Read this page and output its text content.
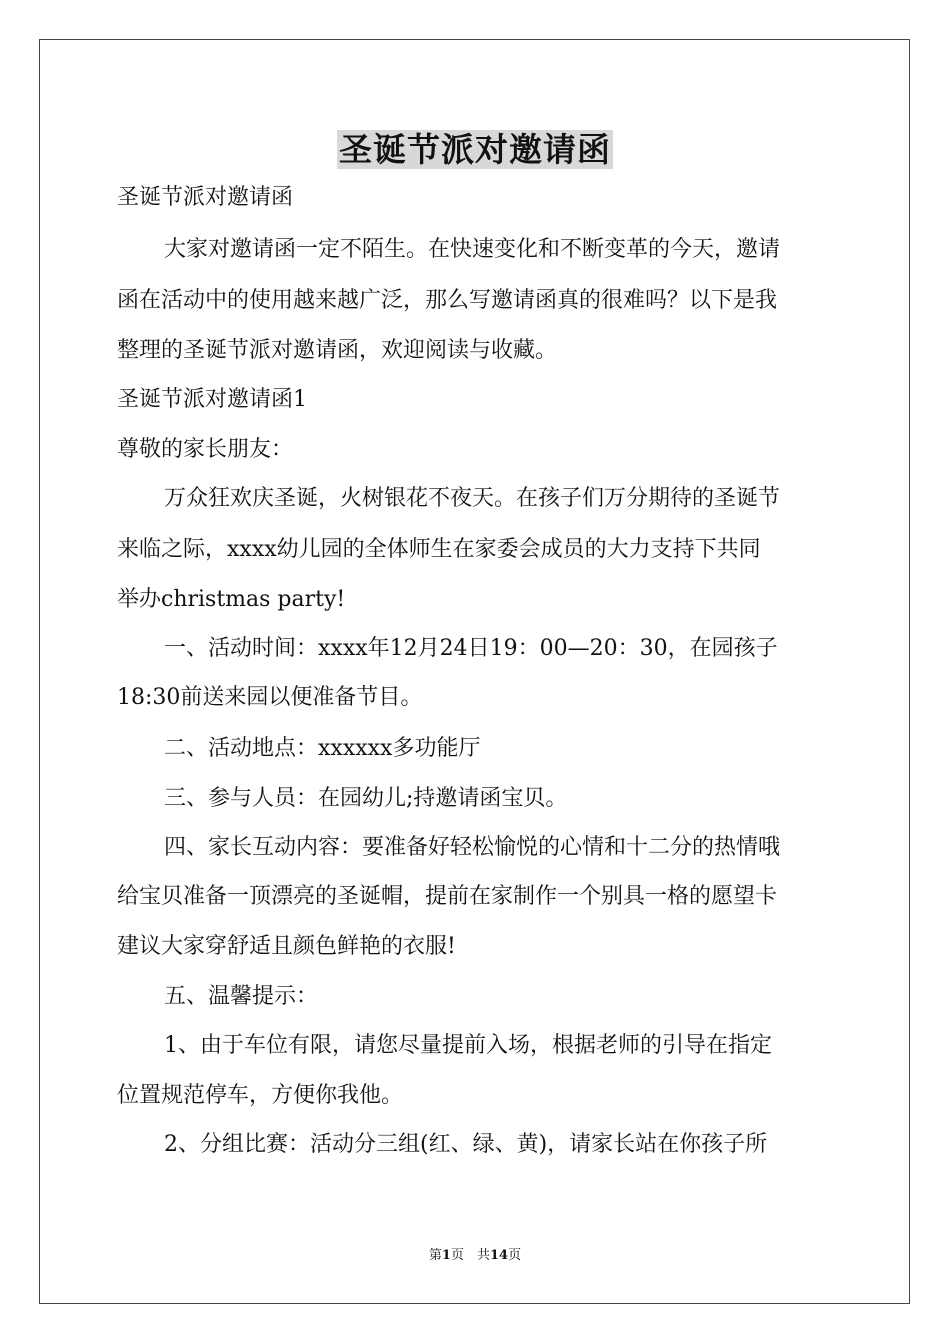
圣诞节派对邀请函
圣诞节派对邀请函
大家对邀请函一定不陌生。在快速变化和不断变革的今天，邀请
函在活动中的使用越来越广泛，那么写邀请函真的很难吗？以下是我
整理的圣诞节派对邀请函，欢迎阅读与收藏。
圣诞节派对邀请函1
尊敬的家长朋友：
万众狂欢庆圣诞，火树银花不夜天。在孩子们万分期待的圣诞节
来临之际，xxxx幼儿园的全体师生在家委会成员的大力支持下共同
举办christmas party!
一、活动时间：xxxx年12月24日19：00—20：30，在园孩子
18:30前送来园以便准备节目。
二、活动地点：xxxxxx多功能厅
三、参与人员：在园幼儿;持邀请函宝贝。
四、家长互动内容：要准备好轻松愉悦的心情和十二分的热情哦
给宝贝准备一顶漂亮的圣诞帽，提前在家制作一个别具一格的愿望卡
建议大家穿舒适且颜色鲜艳的衣服!
五、温馨提示：
1、由于车位有限，请您尽量提前入场，根据老师的引导在指定
位置规范停车，方便你我他。
2、分组比赛：活动分三组(红、绿、黄)，请家长站在你孩子所
第1页　共14页
